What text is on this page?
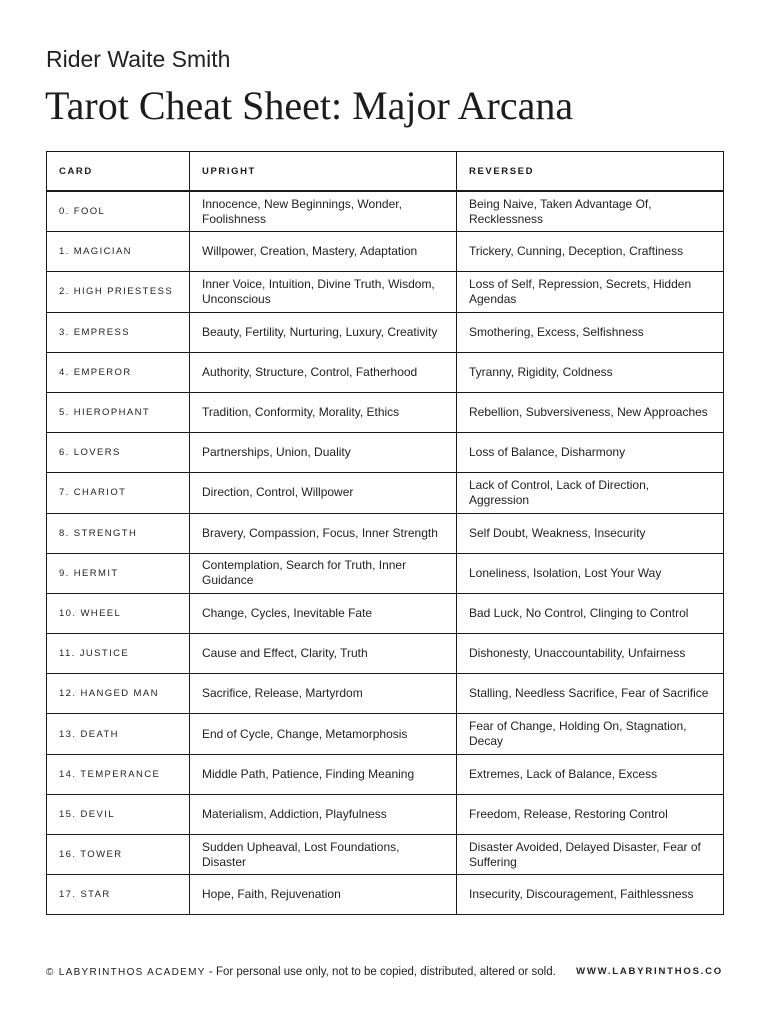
Rider Waite Smith
Tarot Cheat Sheet: Major Arcana
CARD	UPRIGHT	REVERSED
0. FOOL	Innocence, New Beginnings, Wonder, Foolishness	Being Naive, Taken Advantage Of, Recklessness
1. MAGICIAN	Willpower, Creation, Mastery, Adaptation	Trickery, Cunning, Deception, Craftiness
2. HIGH PRIESTESS	Inner Voice, Intuition, Divine Truth, Wisdom, Unconscious	Loss of Self, Repression, Secrets, Hidden Agendas
3. EMPRESS	Beauty, Fertility, Nurturing, Luxury, Creativity	Smothering, Excess, Selfishness
4. EMPEROR	Authority, Structure, Control, Fatherhood	Tyranny, Rigidity, Coldness
5. HIEROPHANT	Tradition, Conformity, Morality, Ethics	Rebellion, Subversiveness, New Approaches
6. LOVERS	Partnerships, Union, Duality	Loss of Balance, Disharmony
7. CHARIOT	Direction, Control, Willpower	Lack of Control, Lack of Direction, Aggression
8. STRENGTH	Bravery, Compassion, Focus, Inner Strength	Self Doubt, Weakness, Insecurity
9. HERMIT	Contemplation, Search for Truth, Inner Guidance	Loneliness, Isolation, Lost Your Way
10. WHEEL	Change, Cycles, Inevitable Fate	Bad Luck, No Control, Clinging to Control
11. JUSTICE	Cause and Effect, Clarity, Truth	Dishonesty, Unaccountability, Unfairness
12. HANGED MAN	Sacrifice, Release, Martyrdom	Stalling, Needless Sacrifice, Fear of Sacrifice
13. DEATH	End of Cycle, Change, Metamorphosis	Fear of Change, Holding On, Stagnation, Decay
14. TEMPERANCE	Middle Path, Patience, Finding Meaning	Extremes, Lack of Balance, Excess
15. DEVIL	Materialism, Addiction, Playfulness	Freedom, Release, Restoring Control
16. TOWER	Sudden Upheaval, Lost Foundations, Disaster	Disaster Avoided, Delayed Disaster, Fear of Suffering
17. STAR	Hope, Faith, Rejuvenation	Insecurity, Discouragement, Faithlessness
© LABYRINTHOS ACADEMY - For personal use only, not to be copied, distributed, altered or sold. WWW.LABYRINTHOS.CO
